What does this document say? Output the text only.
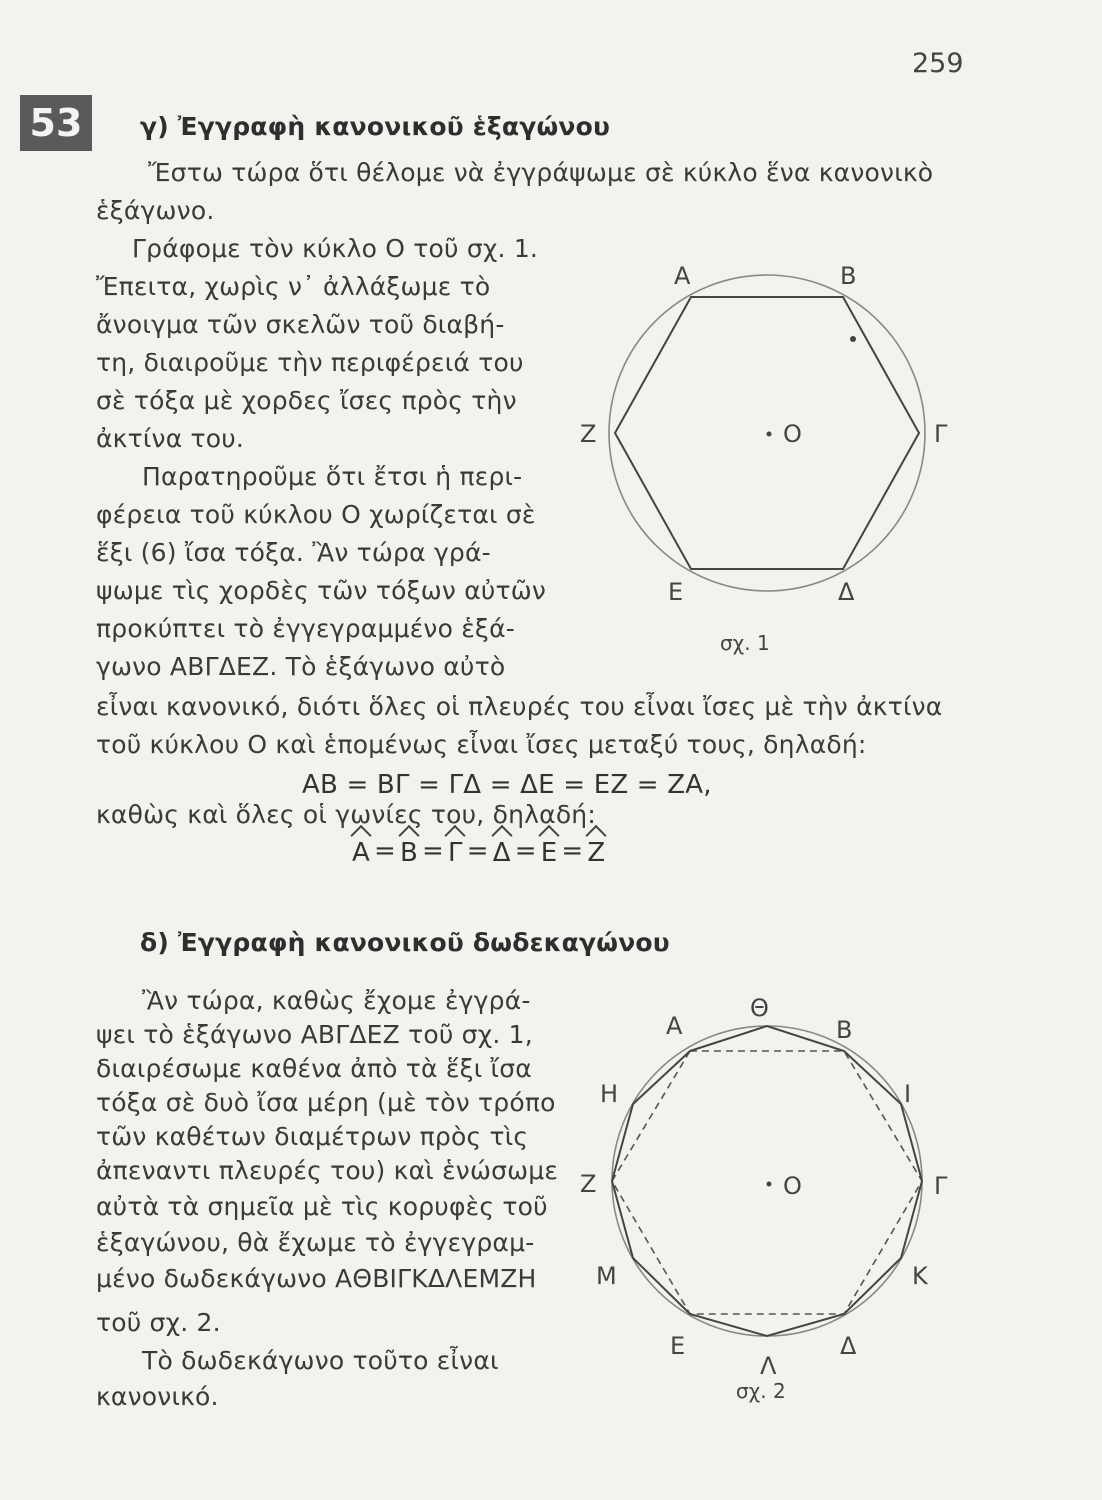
259
53	γ) Ἐγγραφὴ κανονικοῦ ἑξαγώνου
Ἔστω τώρα ὅτι θέλομε νὰ ἐγγράψωμε σὲ κύκλο ἕνα κανονικὸ
ἑξάγωνο.
Γράφομε τὸν κύκλο O τοῦ σχ. 1.
Ἔπειτα, χωρὶς ν᾿ ἀλλάξωμε τὸ
ἄνοιγμα τῶν σκελῶν τοῦ διαβή-
τη, διαιροῦμε τὴν περιφέρειά του
σὲ τόξα μὲ χορδες ἴσες πρὸς τὴν
ἀκτίνα του.
Παρατηροῦμε ὅτι ἔτσι ἡ περι-
φέρεια τοῦ κύκλου O χωρίζεται σὲ
ἕξι (6) ἴσα τόξα. Ἂν τώρα γρά-
ψωμε τὶς χορδὲς τῶν τόξων αὐτῶν
προκύπτει τὸ ἐγγεγραμμένο ἑξά-
γωνο ΑΒΓΔΕΖ. Τὸ ἑξάγωνο αὐτὸ
εἶναι κανονικό, διότι ὅλες οἱ πλευρές του εἶναι ἴσες μὲ τὴν ἀκτίνα
τοῦ κύκλου O καὶ ἑπομένως εἶναι ἴσες μεταξύ τους, δηλαδή:
ΑΒ = ΒΓ = ΓΔ = ΔΕ = ΕΖ = ΖΑ,
καθὼς καὶ ὅλες οἱ γωνίες του, δηλαδή:
Α = Β = Γ = Δ = Ε = Ζ
O
Α	Β
Γ
Δ
Ε
Ζ
σχ. 1
δ) Ἐγγραφὴ κανονικοῦ δωδεκαγώνου
Ἂν τώρα, καθὼς ἔχομε ἐγγρά-
ψει τὸ ἑξάγωνο ΑΒΓΔΕΖ τοῦ σχ. 1,
διαιρέσωμε καθένα ἀπὸ τὰ ἕξι ἴσα
τόξα σὲ δυὸ ἴσα μέρη (μὲ τὸν τρόπο
τῶν καθέτων διαμέτρων πρὸς τὶς
ἀπεναντι πλευρές του) καὶ ἑνώσωμε
αὐτὰ τὰ σημεῖα μὲ τὶς κορυφὲς τοῦ
ἑξαγώνου, θὰ ἔχωμε τὸ ἐγγεγραμ-
μένο δωδεκάγωνο ΑΘΒΙΓΚΔΛΕΜΖΗ
τοῦ σχ. 2.
Τὸ δωδεκάγωνο τοῦτο εἶναι
κανονικό.
O
Α
Θ
Β
Ι
Γ
Κ
Δ
Λ
Ε
Μ
Ζ
Η
σχ. 2
